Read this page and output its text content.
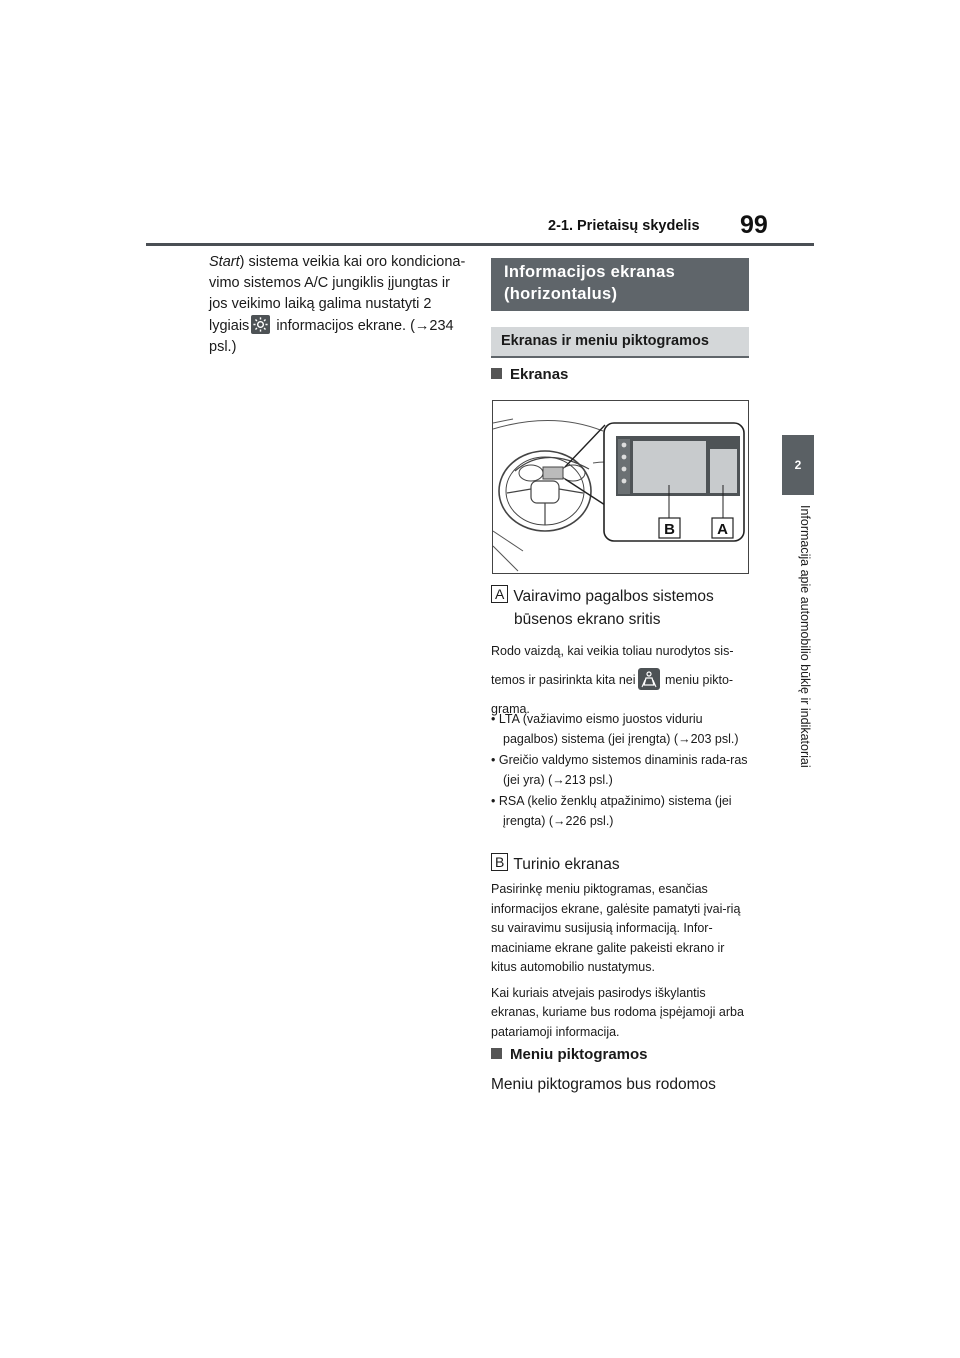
2-1. Prietaisų skydelis 99
2
Informacija apie automobilio būklę ir indikatoriai

Start) sistema veikia kai oro kondiciona-vimo sistemos A/C jungiklis įjungtas ir jos veikimo laiką galima nustatyti 2 lygiais
informacijos ekrane. (→234 psl.)

Informacijos ekranas (horizontalus)
Ekranas ir meniu piktogramos
Ekranas
B	A
A Vairavimo pagalbos sistemos
būsenos ekrano sritis

Rodo vaizdą, kai veikia toliau nurodytos sis-temos ir pasirinkta kita nei meniu pikto-grama.

• LTA (važiavimo eismo juostos viduriu pagalbos) sistema (jei įrengta) (→203 psl.)

• Greičio valdymo sistemos dinaminis rada-ras (jei yra) (→213 psl.)

• RSA (kelio ženklų atpažinimo) sistema (jei įrengta) (→226 psl.)

B Turinio ekranas

Pasirinkę meniu piktogramas, esančias informacijos ekrane, galėsite pamatyti įvai-rią su vairavimu susijusią informaciją. Infor-maciniame ekrane galite pakeisti ekrano ir kitus automobilio nustatymus.

Kai kuriais atvejais pasirodys iškylantis ekranas, kuriame bus rodoma įspėjamoji arba patariamoji informacija.

Meniu piktogramos
Meniu piktogramos bus rodomos
